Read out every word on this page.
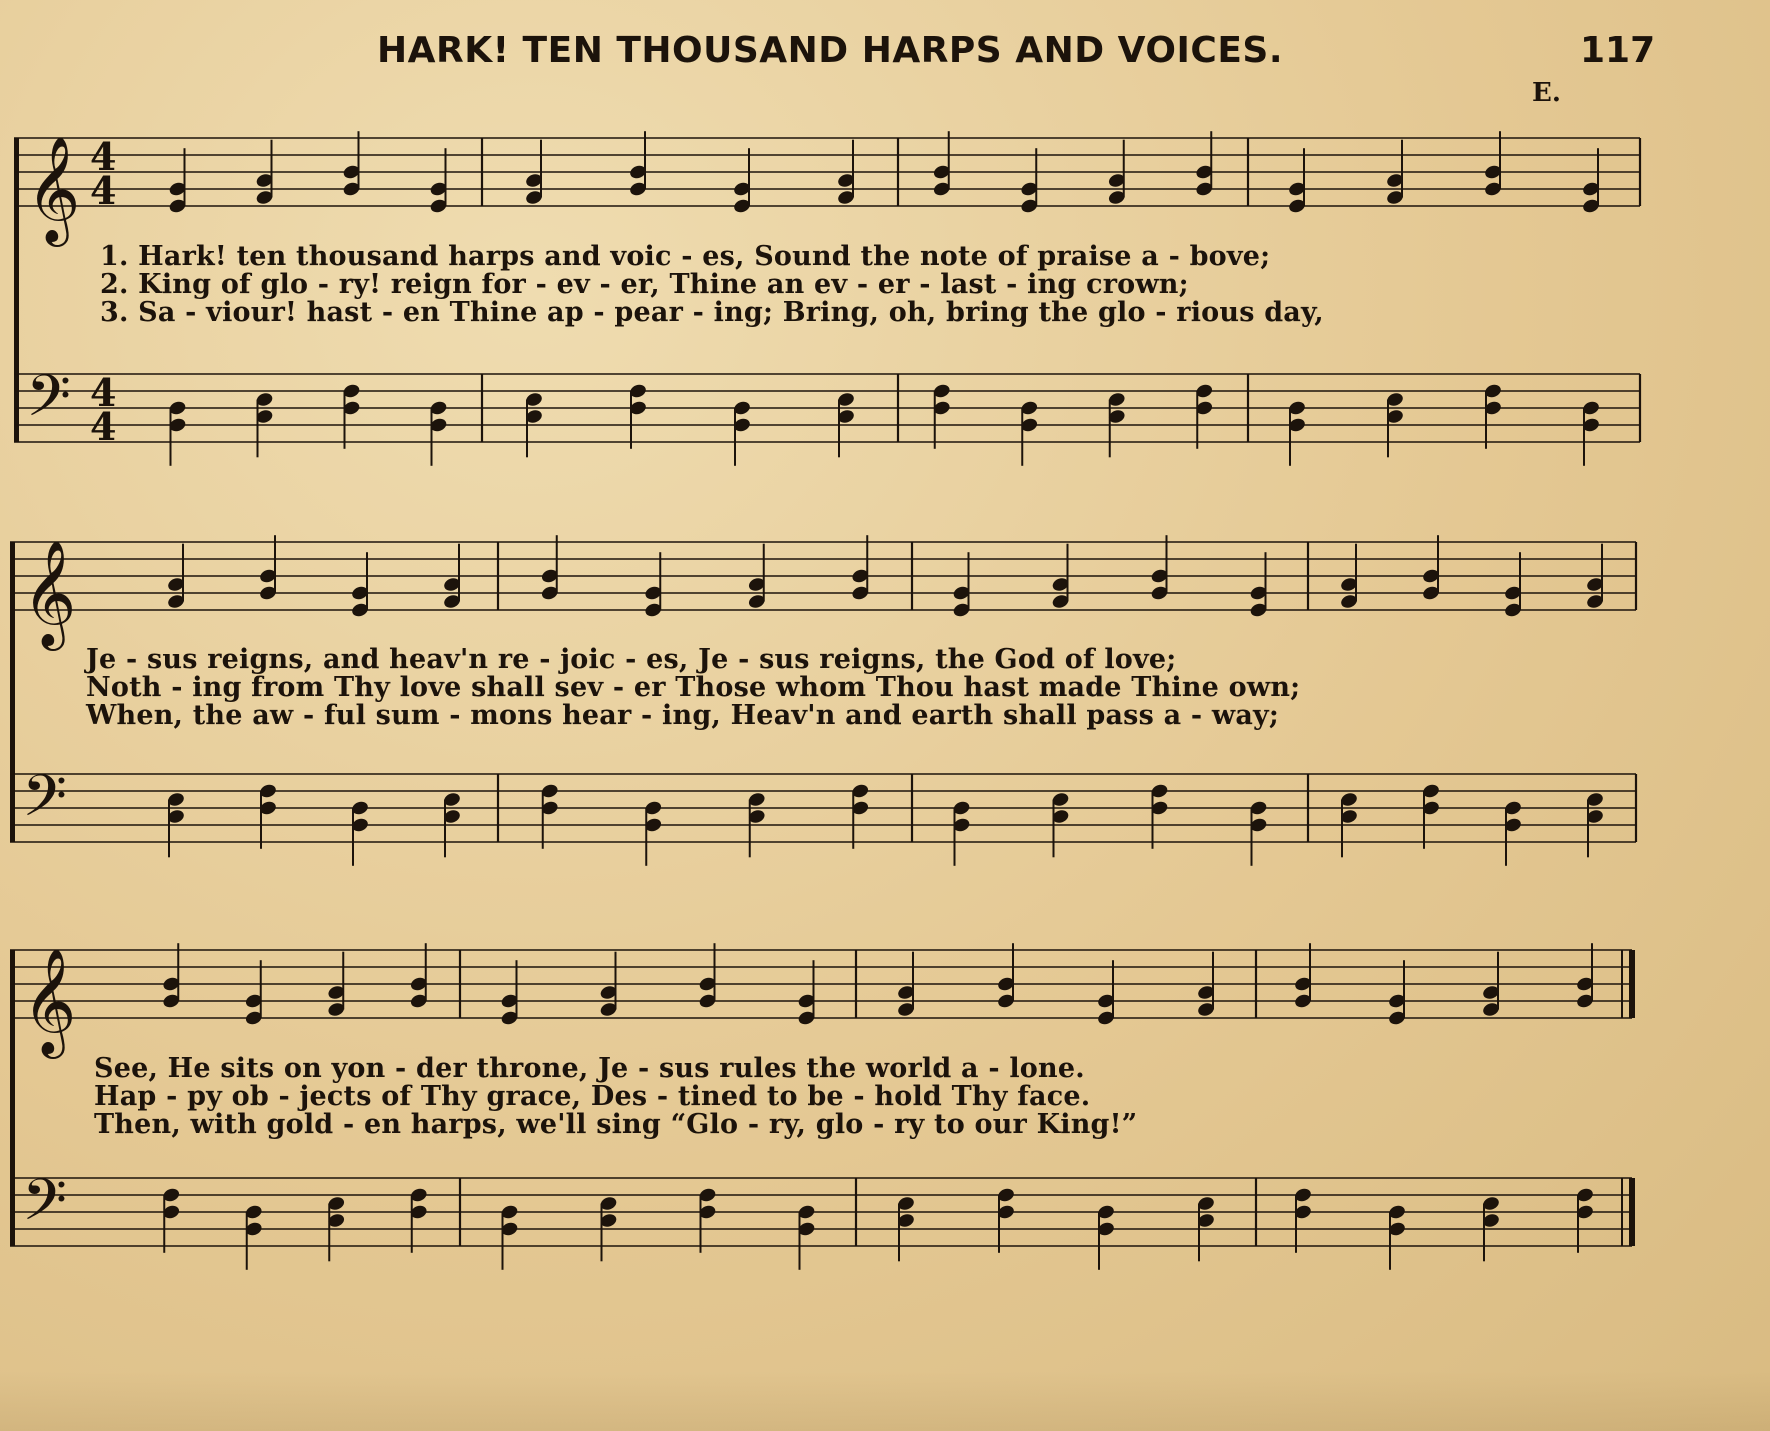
HARK! TEN THOUSAND HARPS AND VOICES.	117
E.
𝄞 4
4
𝄢 4
4
𝄞
𝄢
𝄞
𝄢
1. Hark! ten thousand harps and voic - es, Sound the note of praise a - bove;
2. King of glo - ry! reign for - ev - er, Thine an ev - er - last - ing crown;
3. Sa - viour! hast - en Thine ap - pear - ing; Bring, oh, bring the glo - rious day,
Je - sus reigns, and heav'n re - joic - es, Je - sus reigns, the God of love;
Noth - ing from Thy love shall sev - er Those whom Thou hast made Thine own;
When, the aw - ful sum - mons hear - ing, Heav'n and earth shall pass a - way;
See, He sits on yon - der throne, Je - sus rules the world a - lone.
Hap - py ob - jects of Thy grace, Des - tined to be - hold Thy face.
Then, with gold - en harps, we'll sing “Glo - ry, glo - ry to our King!”
